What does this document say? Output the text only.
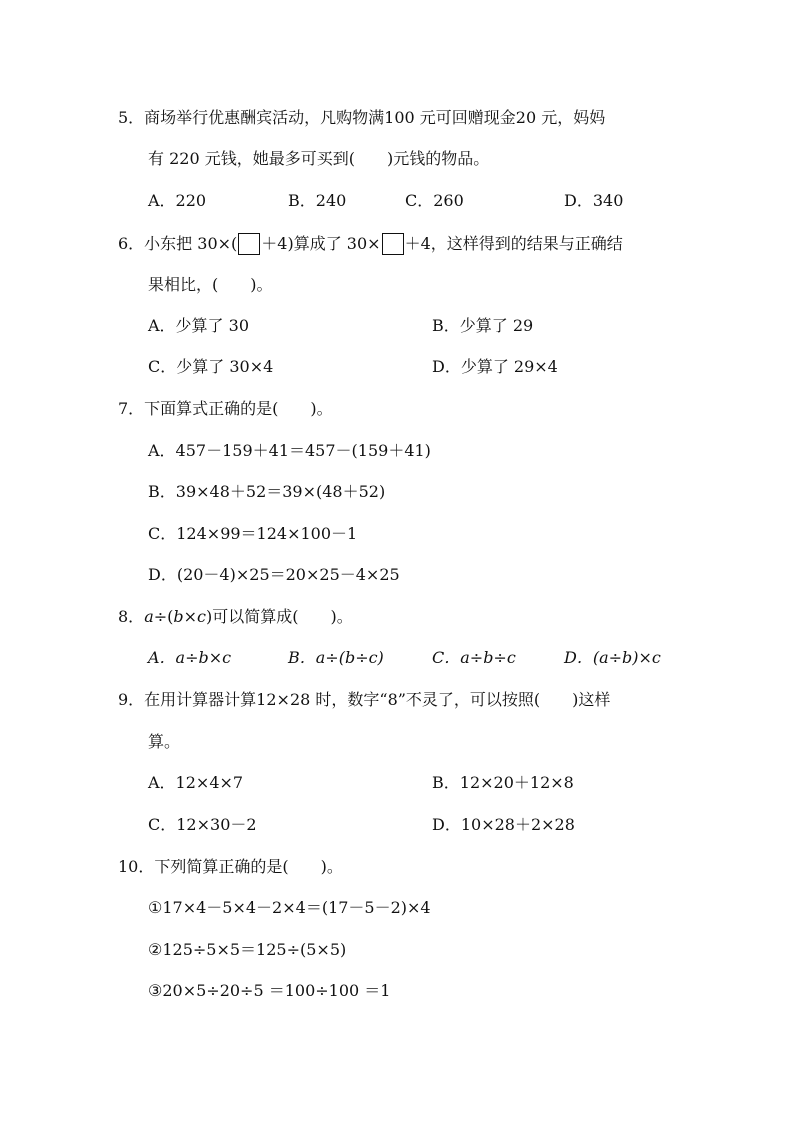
5．商场举行优惠酬宾活动，凡购物满100 元可回赠现金20 元，妈妈
有 220 元钱，她最多可买到(　　)元钱的物品。
A．220	B．240	C．260	D．340
6．小东把 30×( ＋4)算成了 30× ＋4，这样得到的结果与正确结
果相比，(　　)。
A．少算了 30	B．少算了 29
C．少算了 30×4	D．少算了 29×4
7．下面算式正确的是(　　)。
A．457－159＋41＝457－(159＋41)
B．39×48＋52＝39×(48＋52)
C．124×99＝124×100－1
D．(20－4)×25＝20×25－4×25
8．a÷(b×c)可以简算成(　　)。
A．a÷b×c	B．a÷(b÷c)	C．a÷b÷c	D．(a÷b)×c
9．在用计算器计算12×28 时，数字“8”不灵了，可以按照(　　)这样
算。
A．12×4×7	B．12×20＋12×8
C．12×30－2	D．10×28＋2×28
10．下列简算正确的是(　　)。
①17×4－5×4－2×4＝(17－5－2)×4
②125÷5×5＝125÷(5×5)
③20×5÷20÷5 ＝100÷100 ＝1
